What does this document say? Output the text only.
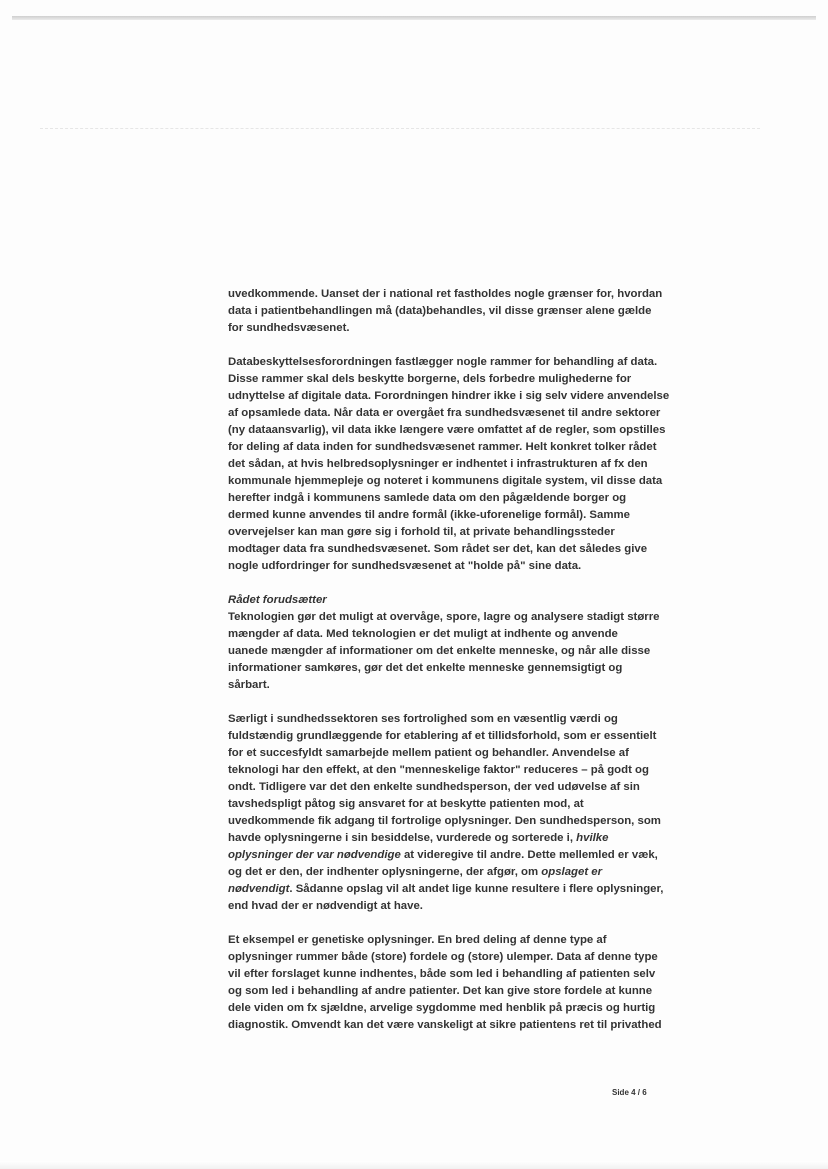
uvedkommende. Uanset der i national ret fastholdes nogle grænser for, hvordan
data i patientbehandlingen må (data)behandles, vil disse grænser alene gælde
for sundhedsvæsenet.

Databeskyttelsesforordningen fastlægger nogle rammer for behandling af data.
Disse rammer skal dels beskytte borgerne, dels forbedre mulighederne for
udnyttelse af digitale data. Forordningen hindrer ikke i sig selv videre anvendelse
af opsamlede data. Når data er overgået fra sundhedsvæsenet til andre sektorer
(ny dataansvarlig), vil data ikke længere være omfattet af de regler, som opstilles
for deling af data inden for sundhedsvæsenet rammer. Helt konkret tolker rådet
det sådan, at hvis helbredsoplysninger er indhentet i infrastrukturen af fx den
kommunale hjemmepleje og noteret i kommunens digitale system, vil disse data
herefter indgå i kommunens samlede data om den pågældende borger og
dermed kunne anvendes til andre formål (ikke-uforenelige formål). Samme
overvejelser kan man gøre sig i forhold til, at private behandlingssteder
modtager data fra sundhedsvæsenet. Som rådet ser det, kan det således give
nogle udfordringer for sundhedsvæsenet at "holde på" sine data.

Rådet forudsætter
Teknologien gør det muligt at overvåge, spore, lagre og analysere stadigt større
mængder af data. Med teknologien er det muligt at indhente og anvende
uanede mængder af informationer om det enkelte menneske, og når alle disse
informationer samkøres, gør det det enkelte menneske gennemsigtigt og
sårbart.

Særligt i sundhedssektoren ses fortrolighed som en væsentlig værdi og
fuldstændig grundlæggende for etablering af et tillidsforhold, som er essentielt
for et succesfyldt samarbejde mellem patient og behandler. Anvendelse af
teknologi har den effekt, at den "menneskelige faktor" reduceres – på godt og
ondt. Tidligere var det den enkelte sundhedsperson, der ved udøvelse af sin
tavshedspligt påtog sig ansvaret for at beskytte patienten mod, at
uvedkommende fik adgang til fortrolige oplysninger. Den sundhedsperson, som
havde oplysningerne i sin besiddelse, vurderede og sorterede i, hvilke
oplysninger der var nødvendige at videregive til andre. Dette mellemled er væk,
og det er den, der indhenter oplysningerne, der afgør, om opslaget er
nødvendigt. Sådanne opslag vil alt andet lige kunne resultere i flere oplysninger,
end hvad der er nødvendigt at have.

Et eksempel er genetiske oplysninger. En bred deling af denne type af
oplysninger rummer både (store) fordele og (store) ulemper. Data af denne type
vil efter forslaget kunne indhentes, både som led i behandling af patienten selv
og som led i behandling af andre patienter. Det kan give store fordele at kunne
dele viden om fx sjældne, arvelige sygdomme med henblik på præcis og hurtig
diagnostik. Omvendt kan det være vanskeligt at sikre patientens ret til privathed

Side 4 / 6
